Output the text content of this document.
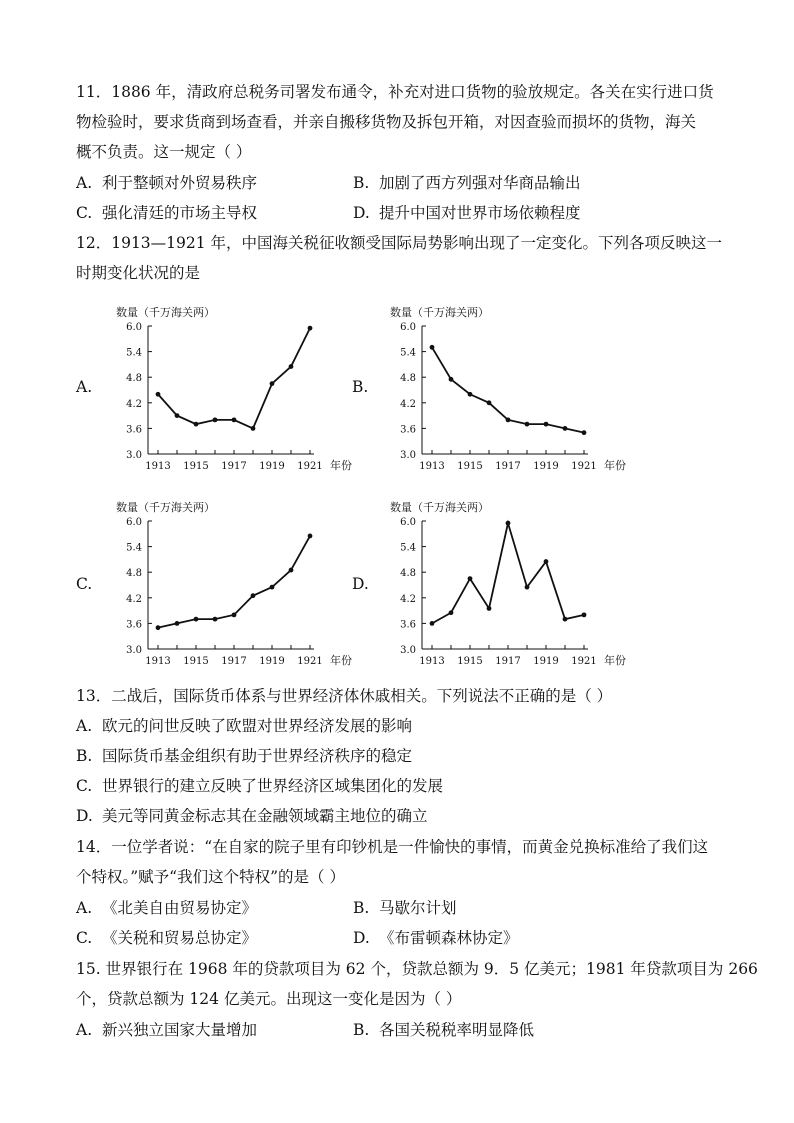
11．1886 年，清政府总税务司署发布通令，补充对进口货物的验放规定。各关在实行进口货
物检验时，要求货商到场查看，并亲自搬移货物及拆包开箱，对因查验而损坏的货物，海关
概不负责。这一规定（ ）
A. 利于整顿对外贸易秩序	B. 加剧了西方列强对华商品输出
C. 强化清廷的市场主导权	D. 提升中国对世界市场依赖程度
12．1913—1921 年，中国海关税征收额受国际局势影响出现了一定变化。下列各项反映这一
时期变化状况的是
A.
数量（千万海关两）
3.0
3.6
4.2
4.8
5.4
6.0
1913 1915 1917 1919 1921 年份
B.
数量（千万海关两）
3.0
3.6
4.2
4.8
5.4
6.0
1913 1915 1917 1919 1921 年份
C.
数量（千万海关两）
3.0
3.6
4.2
4.8
5.4
6.0
1913 1915 1917 1919 1921 年份
D.
数量（千万海关两）
3.0
3.6
4.2
4.8
5.4
6.0
1913 1915 1917 1919 1921 年份
13．二战后，国际货币体系与世界经济体休戚相关。下列说法不正确的是（ ）
A. 欧元的问世反映了欧盟对世界经济发展的影响
B. 国际货币基金组织有助于世界经济秩序的稳定
C. 世界银行的建立反映了世界经济区域集团化的发展
D. 美元等同黄金标志其在金融领域霸主地位的确立
14．一位学者说：“在自家的院子里有印钞机是一件愉快的事情，而黄金兑换标准给了我们这
个特权。”赋予“我们这个特权”的是（ ）
A. 《北美自由贸易协定》	B. 马歇尔计划
C. 《关税和贸易总协定》	D. 《布雷顿森林协定》
15. 世界银行在 1968 年的贷款项目为 62 个，贷款总额为 9．5 亿美元；1981 年贷款项目为 266
个，贷款总额为 124 亿美元。出现这一变化是因为（ ）
A. 新兴独立国家大量增加	B. 各国关税税率明显降低
